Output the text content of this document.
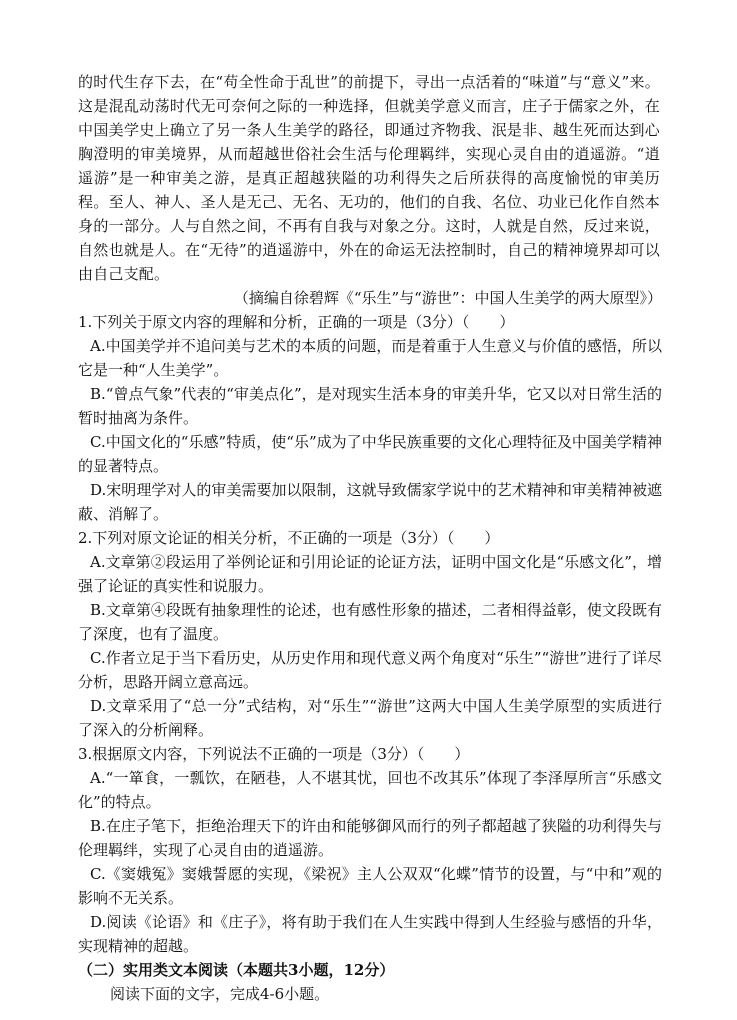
的时代生存下去，在“苟全性命于乱世”的前提下，寻出一点活着的“味道”与“意义”来。这是混乱动荡时代无可奈何之际的一种选择，但就美学意义而言，庄子于儒家之外，在中国美学史上确立了另一条人生美学的路径，即通过齐物我、泯是非、越生死而达到心胸澄明的审美境界，从而超越世俗社会生活与伦理羁绊，实现心灵自由的逍遥游。“逍遥游”是一种审美之游，是真正超越狭隘的功利得失之后所获得的高度愉悦的审美历程。至人、神人、圣人是无己、无名、无功的，他们的自我、名位、功业已化作自然本身的一部分。人与自然之间，不再有自我与对象之分。这时，人就是自然，反过来说，自然也就是人。在“无待”的逍遥游中，外在的命运无法控制时，自己的精神境界却可以由自己支配。

（摘编自徐碧辉《“乐生”与“游世”：中国人生美学的两大原型》）

1.下列关于原文内容的理解和分析，正确的一项是（3分）（　　）

A.中国美学并不追问美与艺术的本质的问题，而是着重于人生意义与价值的感悟，所以它是一种“人生美学”。

B.“曾点气象”代表的“审美点化”，是对现实生活本身的审美升华，它又以对日常生活的暂时抽离为条件。

C.中国文化的“乐感”特质，使“乐”成为了中华民族重要的文化心理特征及中国美学精神的显著特点。

D.宋明理学对人的审美需要加以限制，这就导致儒家学说中的艺术精神和审美精神被遮蔽、消解了。

2.下列对原文论证的相关分析，不正确的一项是（3分）（　　）

A.文章第②段运用了举例论证和引用论证的论证方法，证明中国文化是“乐感文化”，增强了论证的真实性和说服力。

B.文章第④段既有抽象理性的论述，也有感性形象的描述，二者相得益彰，使文段既有了深度，也有了温度。

C.作者立足于当下看历史，从历史作用和现代意义两个角度对“乐生”“游世”进行了详尽分析，思路开阔立意高远。

D.文章采用了“总一分”式结构，对“乐生”“游世”这两大中国人生美学原型的实质进行了深入的分析阐释。

3.根据原文内容，下列说法不正确的一项是（3分）（　　）

A.“一箪食，一瓢饮，在陋巷，人不堪其忧，回也不改其乐”体现了李泽厚所言“乐感文化”的特点。

B.在庄子笔下，拒绝治理天下的许由和能够御风而行的列子都超越了狭隘的功利得失与伦理羁绊，实现了心灵自由的逍遥游。

C.《窦娥冤》窦娥誓愿的实现，《梁祝》主人公双双“化蝶”情节的设置，与“中和”观的影响不无关系。

D.阅读《论语》和《庄子》，将有助于我们在人生实践中得到人生经验与感悟的升华，实现精神的超越。

（二）实用类文本阅读（本题共3小题，12分）

阅读下面的文字，完成4-6小题。
